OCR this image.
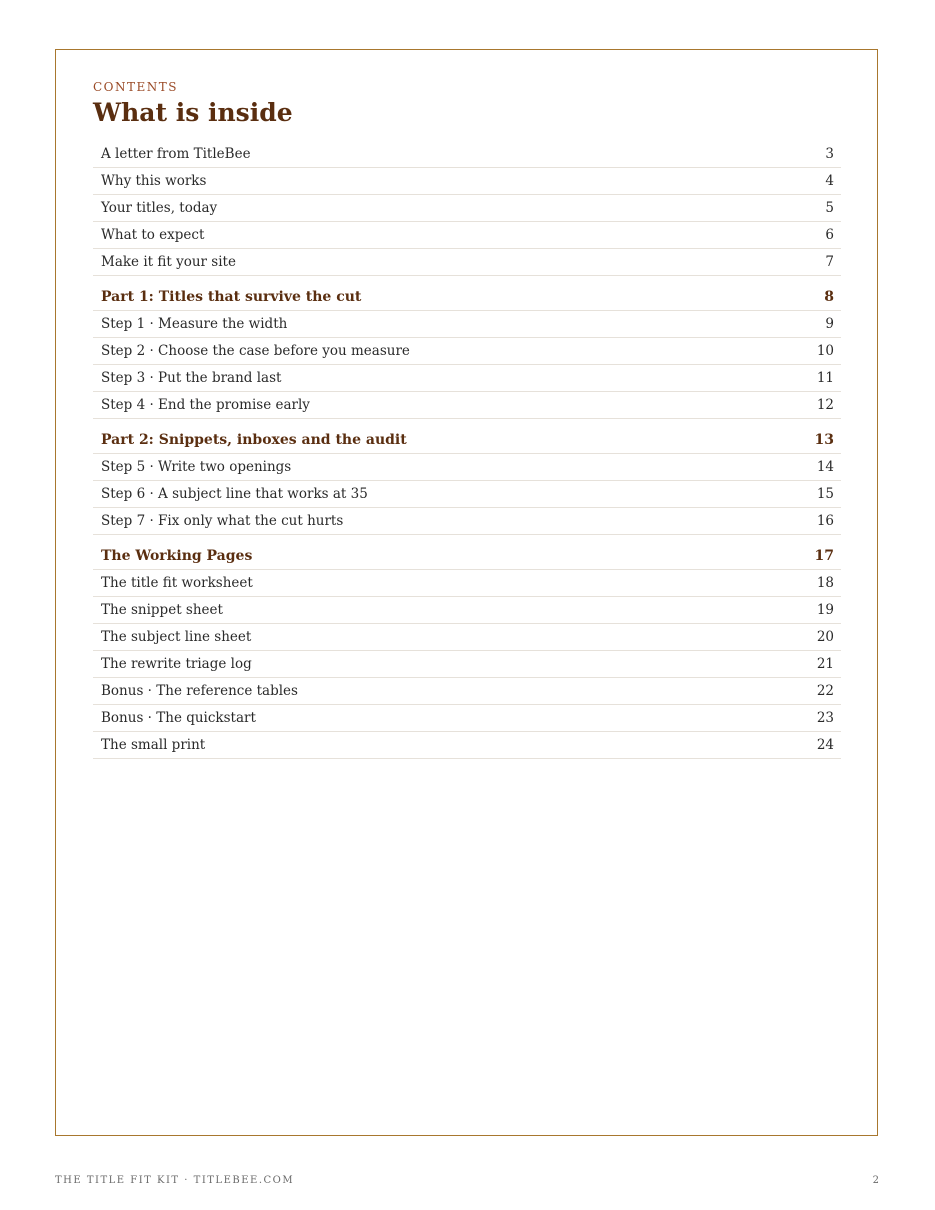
CONTENTS
What is inside
A letter from TitleBee	3
Why this works	4
Your titles, today	5
What to expect	6
Make it fit your site	7
Part 1: Titles that survive the cut	8
Step 1 · Measure the width	9
Step 2 · Choose the case before you measure	10
Step 3 · Put the brand last	11
Step 4 · End the promise early	12
Part 2: Snippets, inboxes and the audit	13
Step 5 · Write two openings	14
Step 6 · A subject line that works at 35	15
Step 7 · Fix only what the cut hurts	16
The Working Pages	17
The title fit worksheet	18
The snippet sheet	19
The subject line sheet	20
The rewrite triage log	21
Bonus · The reference tables	22
Bonus · The quickstart	23
The small print	24
THE TITLE FIT KIT · TITLEBEE.COM	2
